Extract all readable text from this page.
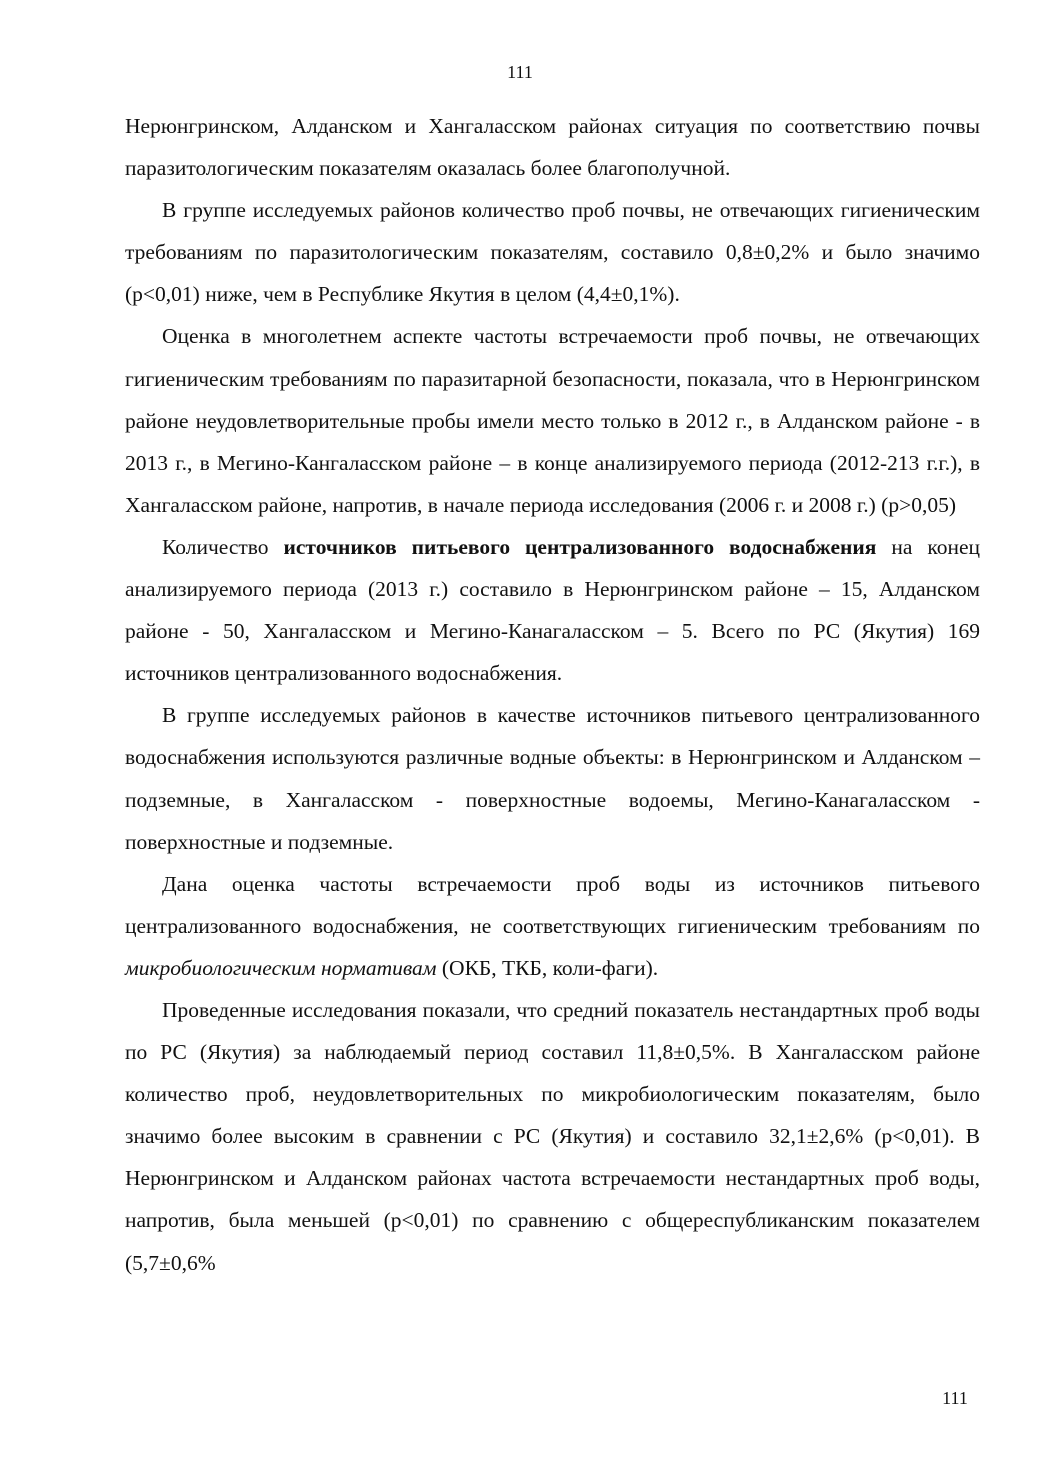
111

Нерюнгринском, Алданском и Хангаласском районах ситуация по соответствию почвы паразитологическим показателям оказалась более благополучной.

В группе исследуемых районов количество проб почвы, не отвечающих гигиеническим требованиям по паразитологическим показателям, составило 0,8±0,2% и было значимо (р<0,01) ниже, чем в Республике Якутия в целом (4,4±0,1%).

Оценка в многолетнем аспекте частоты встречаемости проб почвы, не отвечающих гигиеническим требованиям по паразитарной безопасности, показала, что в Нерюнгринском районе неудовлетворительные пробы имели место только в 2012 г., в Алданском районе - в 2013 г., в Мегино-Кангаласском районе – в конце анализируемого периода (2012-213 г.г.), в Хангаласском районе, напротив, в начале периода исследования (2006 г. и 2008 г.) (р>0,05)

Количество источников питьевого централизованного водоснабжения на конец анализируемого периода (2013 г.) составило в Нерюнгринском районе – 15, Алданском районе - 50, Хангаласском и Мегино-Канагаласском – 5. Всего по РС (Якутия) 169 источников централизованного водоснабжения.

В группе исследуемых районов в качестве источников питьевого централизованного водоснабжения используются различные водные объекты: в Нерюнгринском и Алданском – подземные, в Хангаласском - поверхностные водоемы, Мегино-Канагаласском - поверхностные и подземные.

Дана оценка частоты встречаемости проб воды из источников питьевого централизованного водоснабжения, не соответствующих гигиеническим требованиям по микробиологическим нормативам (ОКБ, ТКБ, коли-фаги).

Проведенные исследования показали, что средний показатель нестандартных проб воды по РС (Якутия) за наблюдаемый период составил 11,8±0,5%. В Хангаласском районе количество проб, неудовлетворительных по микробиологическим показателям, было значимо более высоким в сравнении с РС (Якутия) и составило 32,1±2,6% (р<0,01). В Нерюнгринском и Алданском районах частота встречаемости нестандартных проб воды, напротив, была меньшей (р<0,01) по сравнению с общереспубликанским показателем (5,7±0,6%

111
